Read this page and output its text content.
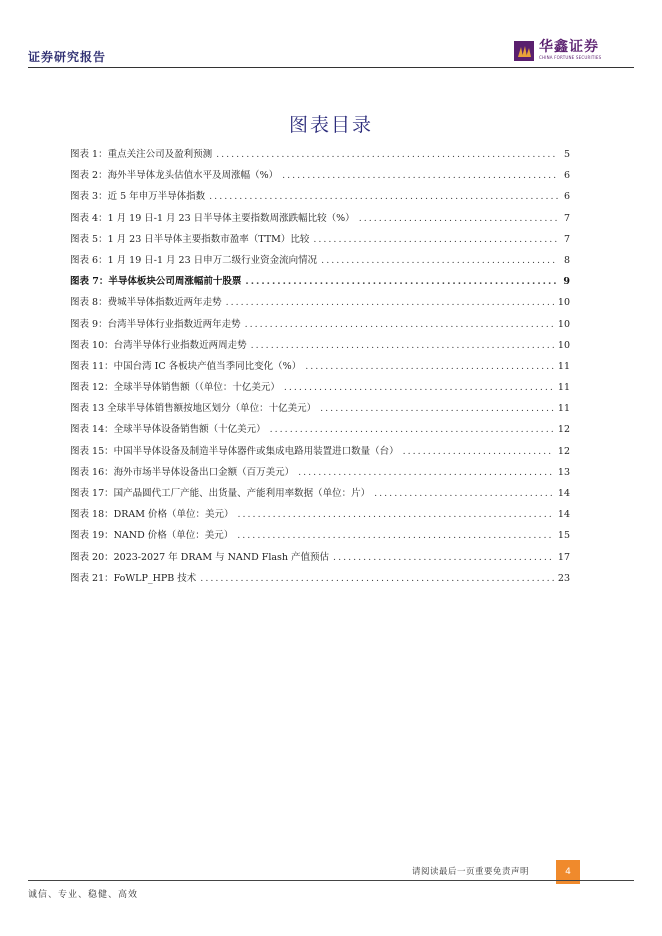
证券研究报告
华鑫证券
CHINA FORTUNE SECURITIES
图表目录
图表 1：重点关注公司及盈利预测 .....	5
图表 2：海外半导体龙头估值水平及周涨幅（%） .....	6
图表 3：近 5 年申万半导体指数 .....	6
图表 4：1 月 19 日-1 月 23 日半导体主要指数周涨跌幅比较（%） .....	7
图表 5：1 月 23 日半导体主要指数市盈率（TTM）比较 .....	7
图表 6：1 月 19 日-1 月 23 日申万二级行业资金流向情况 .....	8
图表 7：半导体板块公司周涨幅前十股票 .....	9
图表 8：费城半导体指数近两年走势 .....	10
图表 9：台湾半导体行业指数近两年走势 .....	10
图表 10：台湾半导体行业指数近两周走势 .....	10
图表 11：中国台湾 IC 各板块产值当季同比变化（%） .....	11
图表 12：全球半导体销售额（（单位：十亿美元） .....	11
图表 13 全球半导体销售额按地区划分（单位：十亿美元） .....	11
图表 14：全球半导体设备销售额（十亿美元） .....	12
图表 15：中国半导体设备及制造半导体器件或集成电路用装置进口数量（台） .....	12
图表 16：海外市场半导体设备出口金额（百万美元） .....	13
图表 17：国产晶圆代工厂产能、出货量、产能利用率数据（单位：片） .....	14
图表 18：DRAM 价格（单位：美元） .....	14
图表 19：NAND 价格（单位：美元） .....	15
图表 20：2023-2027 年 DRAM 与 NAND Flash 产值预估 .....	17
图表 21：FoWLP_HPB 技术 .....	23
请阅读最后一页重要免责声明	4
诚信、专业、稳健、高效
